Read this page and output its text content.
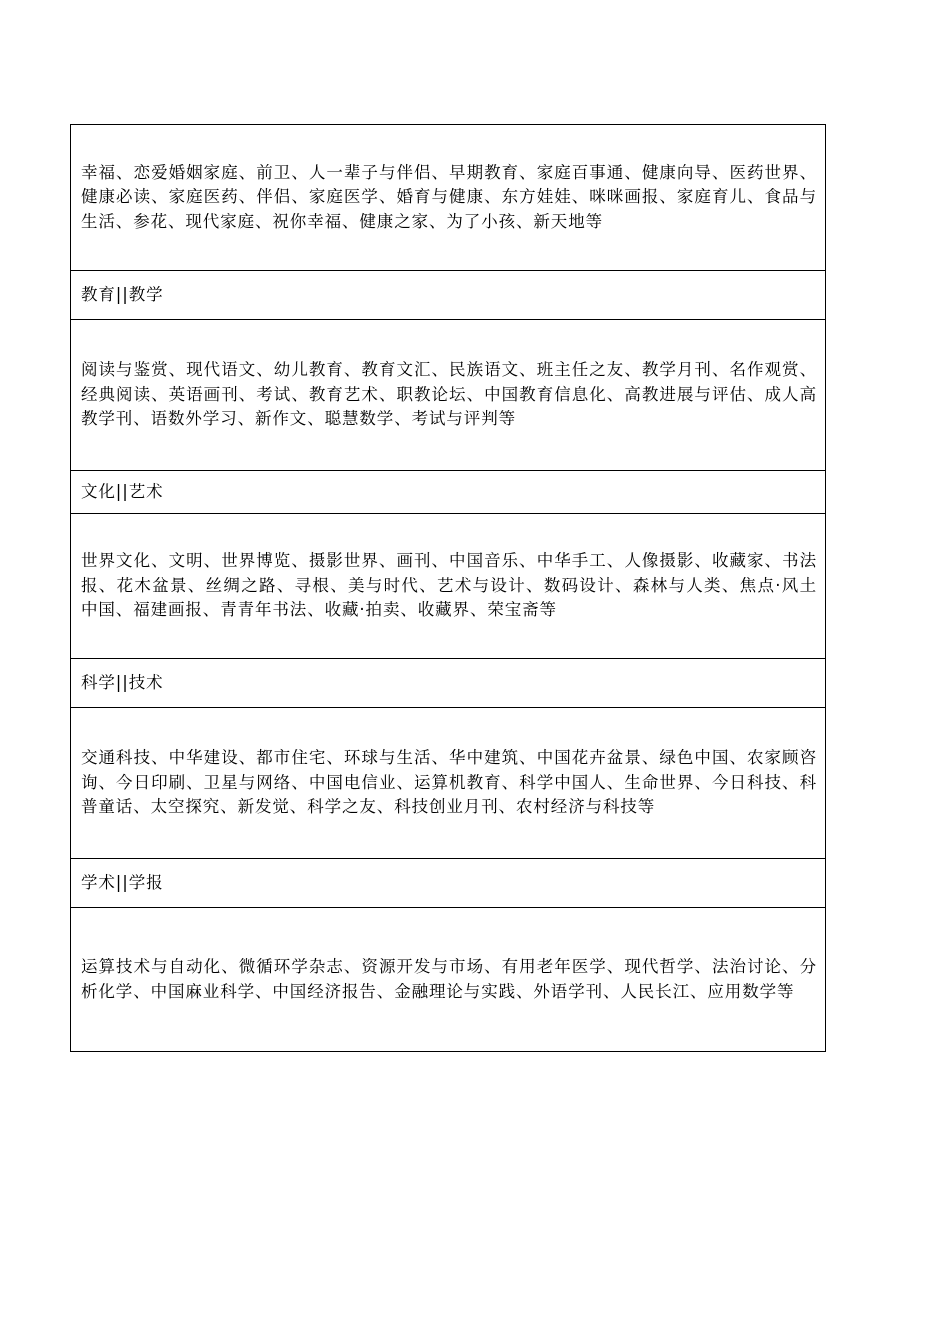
幸福、恋爱婚姻家庭、前卫、人一辈子与伴侣、早期教育、家庭百事通、健康向导、医药世界、健康必读、家庭医药、伴侣、家庭医学、婚育与健康、东方娃娃、咪咪画报、家庭育儿、食品与生活、参花、现代家庭、祝你幸福、健康之家、为了小孩、新天地等

教育||教学

阅读与鉴赏、现代语文、幼儿教育、教育文汇、民族语文、班主任之友、教学月刊、名作观赏、经典阅读、英语画刊、考试、教育艺术、职教论坛、中国教育信息化、高教进展与评估、成人高教学刊、语数外学习、新作文、聪慧数学、考试与评判等

文化||艺术

世界文化、文明、世界博览、摄影世界、画刊、中国音乐、中华手工、人像摄影、收藏家、书法报、花木盆景、丝绸之路、寻根、美与时代、艺术与设计、数码设计、森林与人类、焦点·风土中国、福建画报、青青年书法、收藏·拍卖、收藏界、荣宝斋等

科学||技术

交通科技、中华建设、都市住宅、环球与生活、华中建筑、中国花卉盆景、绿色中国、农家顾咨询、今日印刷、卫星与网络、中国电信业、运算机教育、科学中国人、生命世界、今日科技、科普童话、太空探究、新发觉、科学之友、科技创业月刊、农村经济与科技等

学术||学报

运算技术与自动化、微循环学杂志、资源开发与市场、有用老年医学、现代哲学、法治讨论、分析化学、中国麻业科学、中国经济报告、金融理论与实践、外语学刊、人民长江、应用数学等
